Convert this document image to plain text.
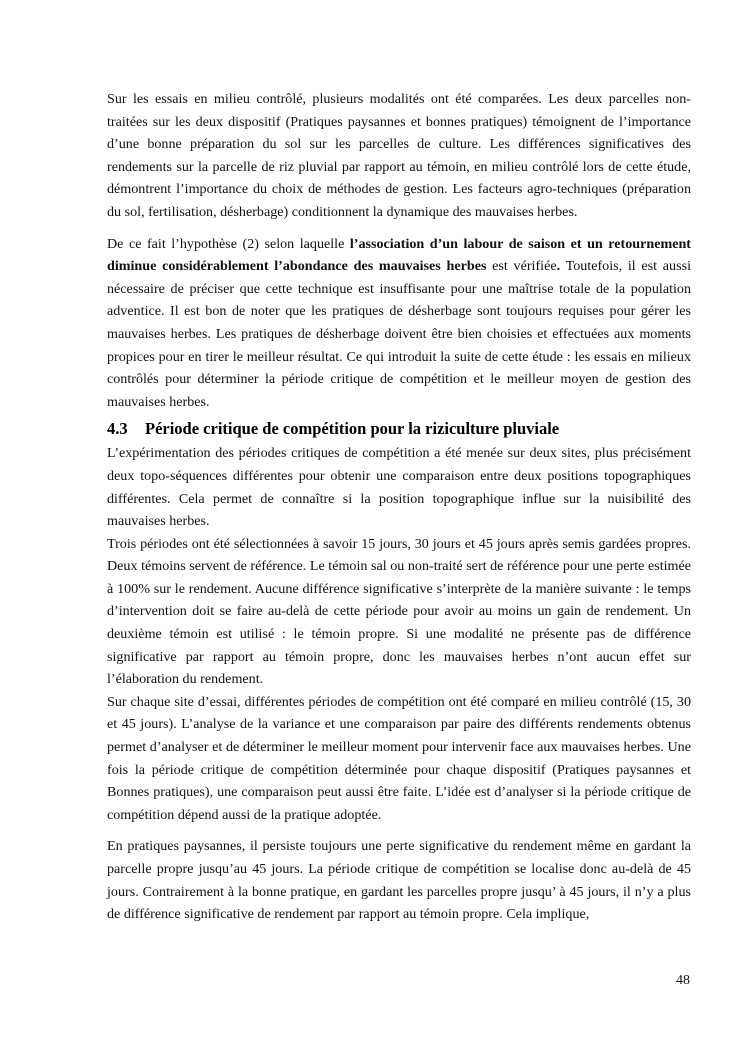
Sur les essais en milieu contrôlé, plusieurs modalités ont été comparées. Les deux parcelles non-traitées sur les deux dispositif (Pratiques paysannes et bonnes pratiques) témoignent de l’importance d’une bonne préparation du sol sur les parcelles de culture. Les différences significatives des rendements sur la parcelle de riz pluvial par rapport au témoin, en milieu contrôlé lors de cette étude, démontrent l’importance du choix de méthodes de gestion. Les facteurs agro-techniques (préparation du sol, fertilisation, désherbage) conditionnent la dynamique des mauvaises herbes.

De ce fait l’hypothèse (2) selon laquelle l’association d’un labour de saison et un retournement diminue considérablement l’abondance des mauvaises herbes est vérifiée. Toutefois, il est aussi nécessaire de préciser que cette technique est insuffisante pour une maîtrise totale de la population adventice. Il est bon de noter que les pratiques de désherbage sont toujours requises pour gérer les mauvaises herbes. Les pratiques de désherbage doivent être bien choisies et effectuées aux moments propices pour en tirer le meilleur résultat. Ce qui introduit la suite de cette étude : les essais en milieux contrôlés pour déterminer la période critique de compétition et le meilleur moyen de gestion des mauvaises herbes.

4.3 Période critique de compétition pour la riziculture pluviale

L’expérimentation des périodes critiques de compétition a été menée sur deux sites, plus précisément deux topo-séquences différentes pour obtenir une comparaison entre deux positions topographiques différentes. Cela permet de connaître si la position topographique influe sur la nuisibilité des mauvaises herbes.

Trois périodes ont été sélectionnées à savoir 15 jours, 30 jours et 45 jours après semis gardées propres. Deux témoins servent de référence. Le témoin sal ou non-traité sert de référence pour une perte estimée à 100% sur le rendement. Aucune différence significative s’interprète de la manière suivante : le temps d’intervention doit se faire au-delà de cette période pour avoir au moins un gain de rendement. Un deuxième témoin est utilisé : le témoin propre. Si une modalité ne présente pas de différence significative par rapport au témoin propre, donc les mauvaises herbes n’ont aucun effet sur l’élaboration du rendement.

Sur chaque site d’essai, différentes périodes de compétition ont été comparé en milieu contrôlé (15, 30 et 45 jours). L’analyse de la variance et une comparaison par paire des différents rendements obtenus permet d’analyser et de déterminer le meilleur moment pour intervenir face aux mauvaises herbes. Une fois la période critique de compétition déterminée pour chaque dispositif (Pratiques paysannes et Bonnes pratiques), une comparaison peut aussi être faite. L’idée est d’analyser si la période critique de compétition dépend aussi de la pratique adoptée.

En pratiques paysannes, il persiste toujours une perte significative du rendement même en gardant la parcelle propre jusqu’au 45 jours. La période critique de compétition se localise donc au-delà de 45 jours. Contrairement à la bonne pratique, en gardant les parcelles propre jusqu’ à 45 jours, il n’y a plus de différence significative de rendement par rapport au témoin propre. Cela implique,

48
